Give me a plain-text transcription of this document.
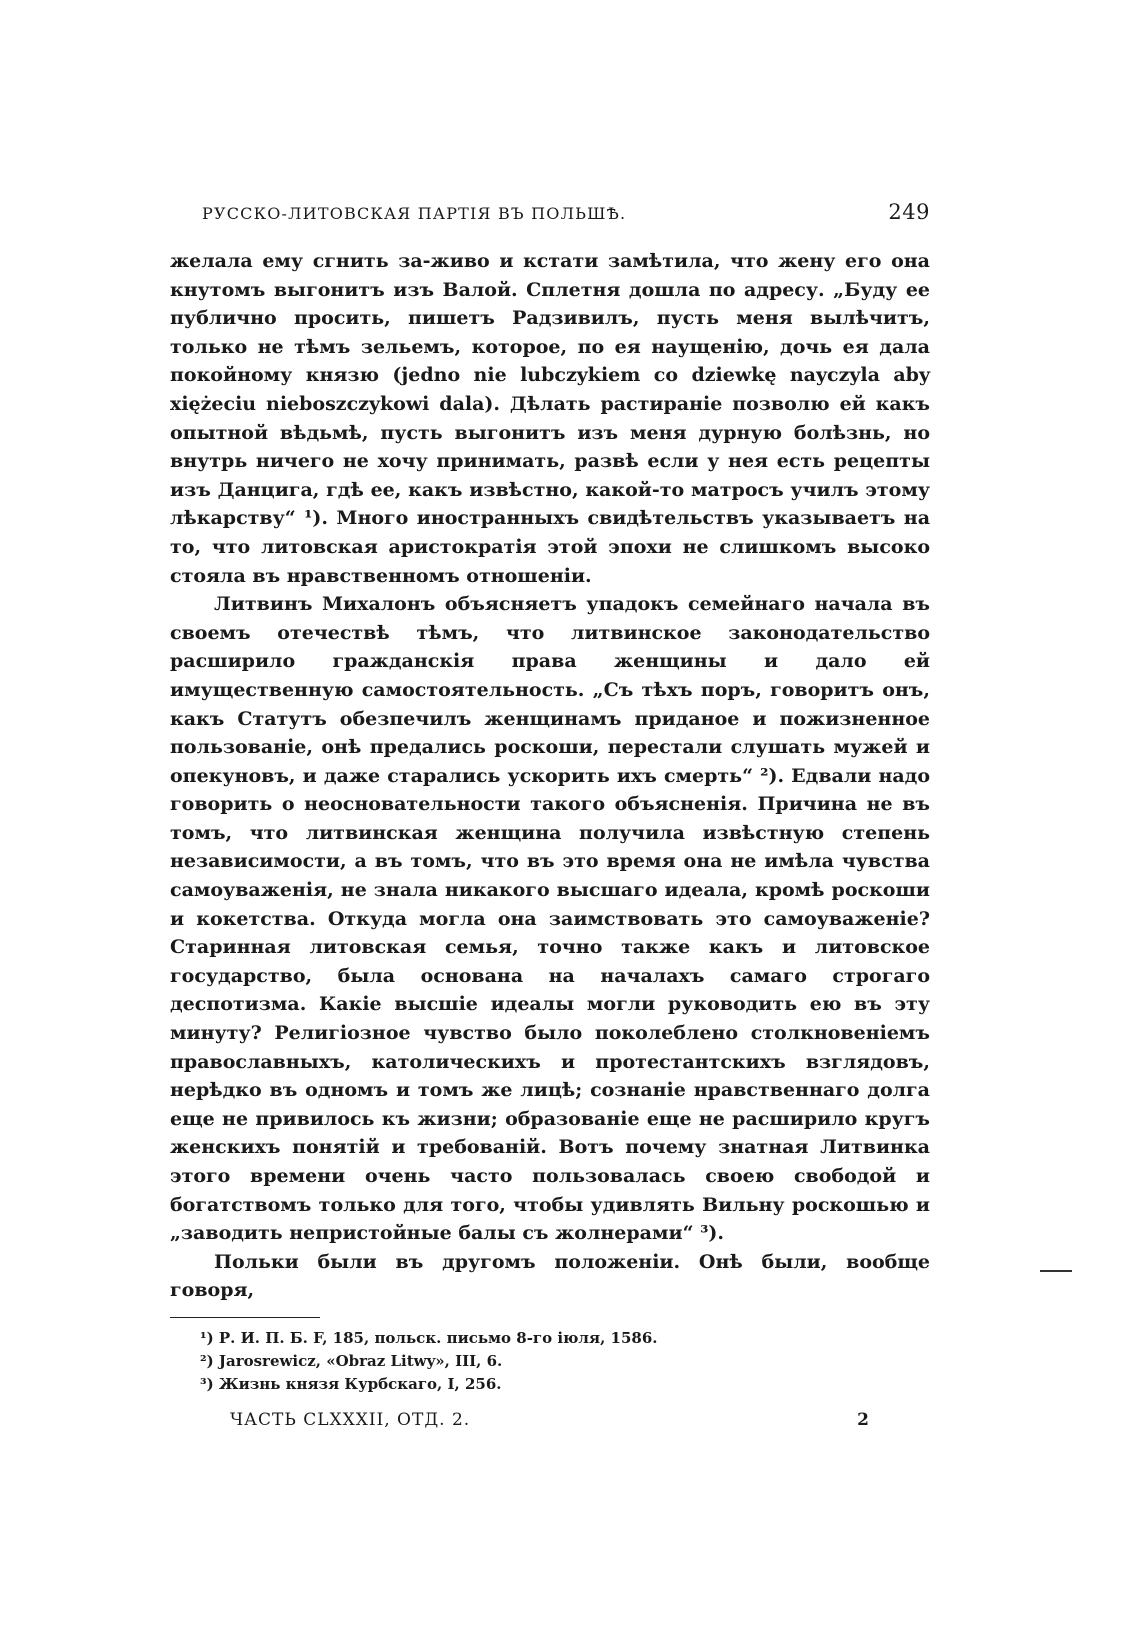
РУССКО-ЛИТОВСКАЯ ПАРТІЯ ВЪ ПОЛЬШѢ.	249

желала ему сгнить за-живо и кстати замѣтила, что жену его она кнутомъ выгонитъ изъ Валой. Сплетня дошла по адресу. „Буду ее публично просить, пишетъ Радзивилъ, пусть меня вылѣчитъ, только не тѣмъ зельемъ, которое, по ея наущенію, дочь ея дала покойному князю (jedno nie lubczykiem co dziewkę nayczyla aby xiężeciu nieboszczykowi dala). Дѣлать растираніе позволю ей какъ опытной вѣдьмѣ, пусть выгонитъ изъ меня дурную болѣзнь, но внутрь ничего не хочу принимать, развѣ если у нея есть рецепты изъ Данцига, гдѣ ее, какъ извѣстно, какой-то матросъ училъ этому лѣкарству“ ¹). Много иностранныхъ свидѣтельствъ указываетъ на то, что литовская аристократія этой эпохи не слишкомъ высоко стояла въ нравственномъ отношеніи.

Литвинъ Михалонъ объясняетъ упадокъ семейнаго начала въ своемъ отечествѣ тѣмъ, что литвинское законодательство расширило гражданскія права женщины и дало ей имущественную самостоятельность. „Съ тѣхъ поръ, говоритъ онъ, какъ Статутъ обезпечилъ женщинамъ приданое и пожизненное пользованіе, онѣ предались роскоши, перестали слушать мужей и опекуновъ, и даже старались ускорить ихъ смерть“ ²). Едвали надо говорить о неосновательности такого объясненія. Причина не въ томъ, что литвинская женщина получила извѣстную степень независимости, а въ томъ, что въ это время она не имѣла чувства самоуваженія, не знала никакого высшаго идеала, кромѣ роскоши и кокетства. Откуда могла она заимствовать это самоуваженіе? Старинная литовская семья, точно также какъ и литовское государство, была основана на началахъ самаго строгаго деспотизма. Какіе высшіе идеалы могли руководить ею въ эту минуту? Религіозное чувство было поколеблено столкновеніемъ православныхъ, католическихъ и протестантскихъ взглядовъ, нерѣдко въ одномъ и томъ же лицѣ; сознаніе нравственнаго долга еще не привилось къ жизни; образованіе еще не расширило кругъ женскихъ понятій и требованій. Вотъ почему знатная Литвинка этого времени очень часто пользовалась своею свободой и богатствомъ только для того, чтобы удивлять Вильну роскошью и „заводить непристойные балы съ жолнерами“ ³).

Польки были въ другомъ положеніи. Онѣ были, вообще говоря,

¹) Р. И. П. Б. F, 185, польск. письмо 8-го іюля, 1586.
²) Jarosrewicz, «Obraz Litwy», III, 6.
³) Жизнь князя Курбскаго, I, 256.
ЧАСТЬ CLXXXII, ОТД. 2.	2
